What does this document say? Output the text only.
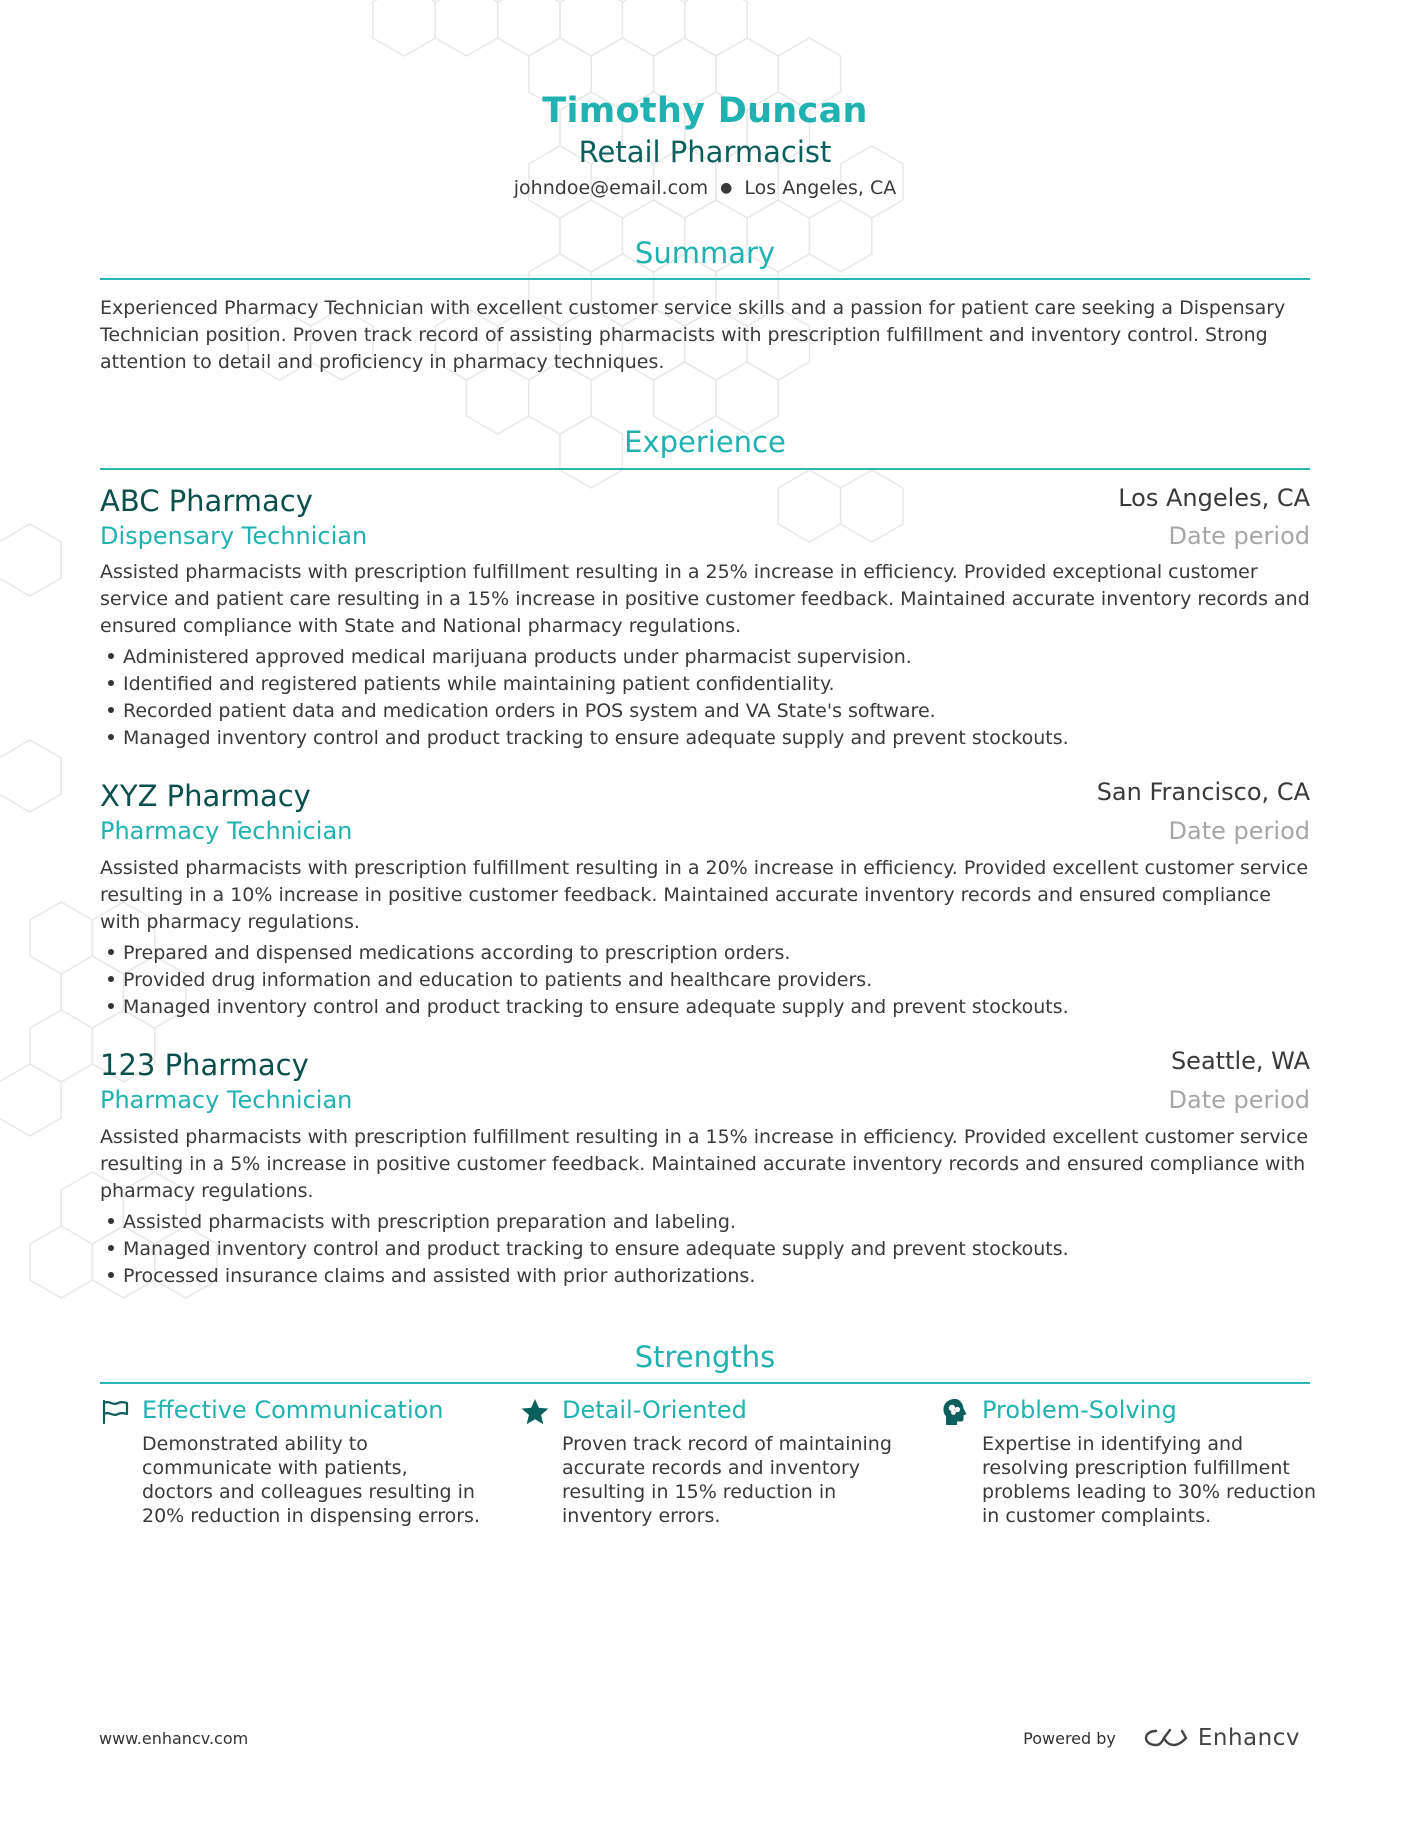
Timothy Duncan
Retail Pharmacist
johndoe@email.com ● Los Angeles, CA
Summary
Experienced Pharmacy Technician with excellent customer service skills and a passion for patient care seeking a Dispensary Technician position. Proven track record of assisting pharmacists with prescription fulfillment and inventory control. Strong attention to detail and proficiency in pharmacy techniques.
Experience
ABC Pharmacy	Los Angeles, CA
Dispensary Technician	Date period
Assisted pharmacists with prescription fulfillment resulting in a 25% increase in efficiency. Provided exceptional customer service and patient care resulting in a 15% increase in positive customer feedback. Maintained accurate inventory records and ensured compliance with State and National pharmacy regulations.
Administered approved medical marijuana products under pharmacist supervision.
Identified and registered patients while maintaining patient confidentiality.
Recorded patient data and medication orders in POS system and VA State's software.
Managed inventory control and product tracking to ensure adequate supply and prevent stockouts.
XYZ Pharmacy	San Francisco, CA
Pharmacy Technician	Date period
Assisted pharmacists with prescription fulfillment resulting in a 20% increase in efficiency. Provided excellent customer service resulting in a 10% increase in positive customer feedback. Maintained accurate inventory records and ensured compliance with pharmacy regulations.
Prepared and dispensed medications according to prescription orders.
Provided drug information and education to patients and healthcare providers.
Managed inventory control and product tracking to ensure adequate supply and prevent stockouts.
123 Pharmacy	Seattle, WA
Pharmacy Technician	Date period
Assisted pharmacists with prescription fulfillment resulting in a 15% increase in efficiency. Provided excellent customer service resulting in a 5% increase in positive customer feedback. Maintained accurate inventory records and ensured compliance with pharmacy regulations.
Assisted pharmacists with prescription preparation and labeling.
Managed inventory control and product tracking to ensure adequate supply and prevent stockouts.
Processed insurance claims and assisted with prior authorizations.
Strengths
Effective Communication
Demonstrated ability to communicate with patients, doctors and colleagues resulting in 20% reduction in dispensing errors.
Detail-Oriented
Proven track record of maintaining accurate records and inventory resulting in 15% reduction in inventory errors.
Problem-Solving
Expertise in identifying and resolving prescription fulfillment problems leading to 30% reduction in customer complaints.
www.enhancv.com	Powered by	Enhancv
